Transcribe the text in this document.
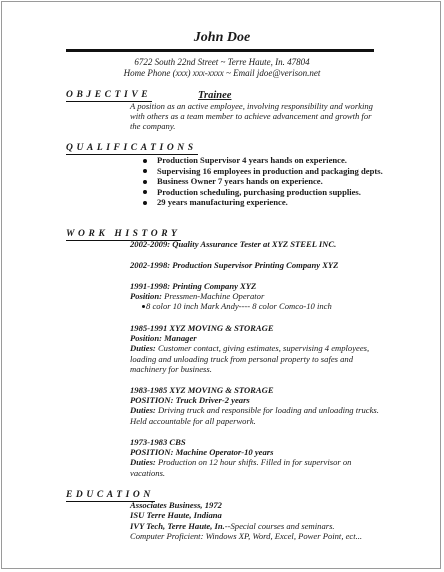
John Doe
6722 South 22nd Street ~ Terre Haute, In. 47804
Home Phone (xxx) xxx-xxxx ~ Email jdoe@verison.net
OBJECTIVE	Trainee
A position as an active employee, involving responsibility and working with others as a team member to achieve advancement and growth for the company.
QUALIFICATIONS
Production Supervisor 4 years hands on experience.
Supervising 16 employees in production and packaging depts.
Business Owner 7 years hands on experience.
Production scheduling, purchasing production supplies.
29 years manufacturing experience.
WORK HISTORY
2002-2009: Quality Assurance Tester at XYZ STEEL INC.
2002-1998: Production Supervisor Printing Company XYZ
1991-1998: Printing Company XYZ
Position: Pressmen-Machine Operator
8 color 10 inch Mark Andy---- 8 color Comco-10 inch
1985-1991 XYZ MOVING & STORAGE
Position: Manager
Duties: Customer contact, giving estimates, supervising 4 employees, loading and unloading truck from personal property to safes and machinery for business.
1983-1985 XYZ MOVING & STORAGE
POSITION: Truck Driver-2 years
Duties: Driving truck and responsible for loading and unloading trucks. Held accountable for all paperwork.
1973-1983 CBS
POSITION: Machine Operator-10 years
Duties: Production on 12 hour shifts. Filled in for supervisor on vacations.
EDUCATION
Associates Business, 1972
ISU Terre Haute, Indiana
IVY Tech, Terre Haute, In.--Special courses and seminars.
Computer Proficient: Windows XP, Word, Excel, Power Point, ect...
